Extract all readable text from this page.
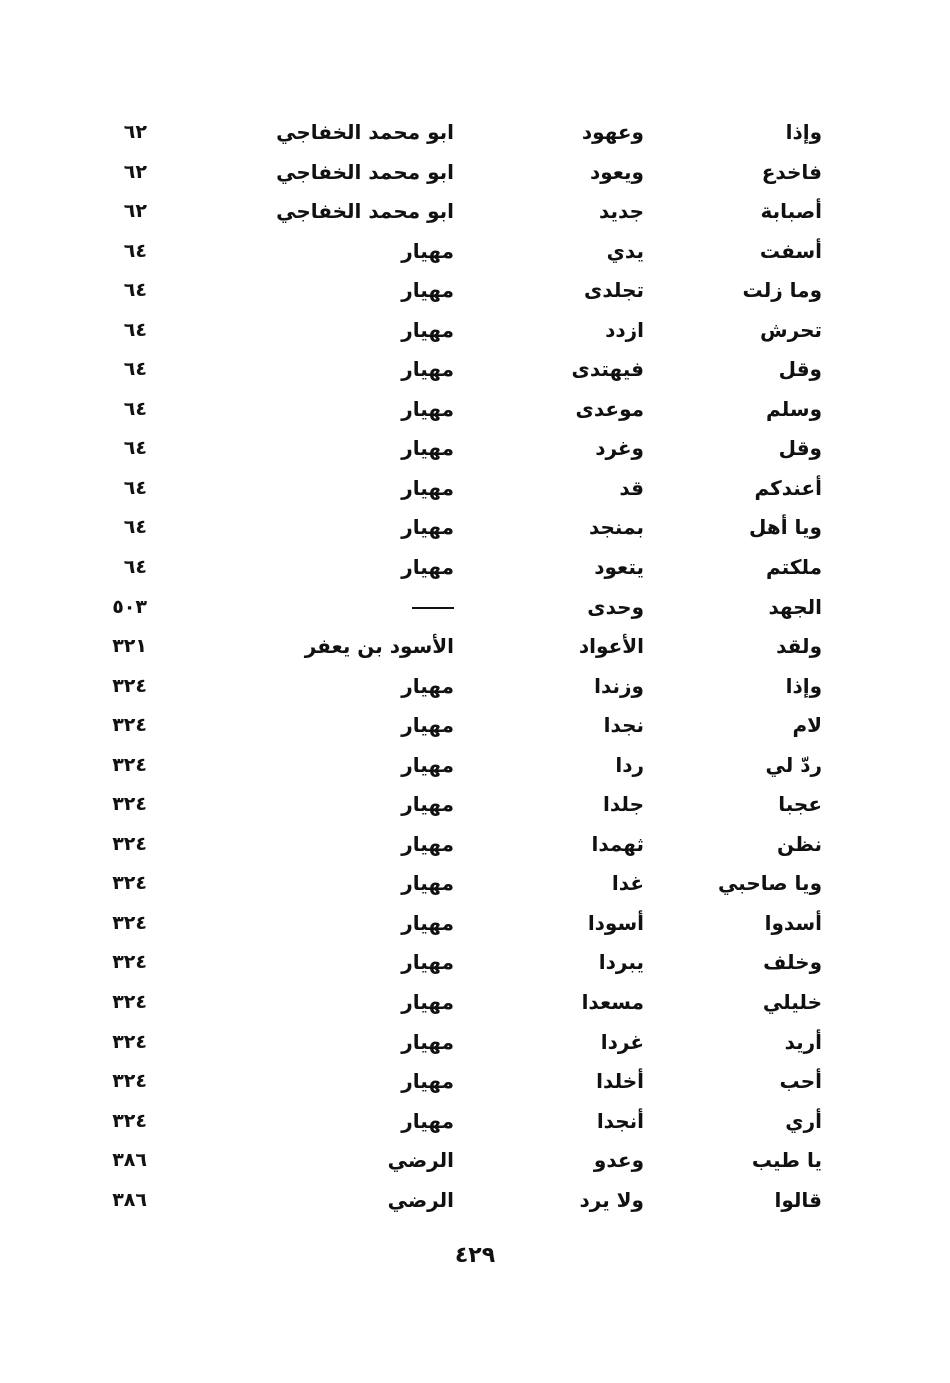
وإذا
وعهود
ابو محمد الخفاجي
٦٢
فاخدع
ويعود
ابو محمد الخفاجي
٦٢
أصبابة
جديد
ابو محمد الخفاجي
٦٢
أسفت
يدي
مهيار
٦٤
وما زلت
تجلدى
مهيار
٦٤
تحرش
ازدد
مهيار
٦٤
وقل
فيهتدى
مهيار
٦٤
وسلم
موعدى
مهيار
٦٤
وقل
وغرد
مهيار
٦٤
أعندكم
قد
مهيار
٦٤
ويا أهل
بمنجد
مهيار
٦٤
ملكتم
يتعود
مهيار
٦٤
الجهد
وحدى
٥٠٣
ولقد
الأعواد
الأسود بن يعفر
٣٢١
وإذا
وزندا
مهيار
٣٢٤
لام
نجدا
مهيار
٣٢٤
ردّ لي
ردا
مهيار
٣٢٤
عجبا
جلدا
مهيار
٣٢٤
نظن
ثهمدا
مهيار
٣٢٤
ويا صاحبي
غدا
مهيار
٣٢٤
أسدوا
أسودا
مهيار
٣٢٤
وخلف
يبردا
مهيار
٣٢٤
خليلي
مسعدا
مهيار
٣٢٤
أريد
غردا
مهيار
٣٢٤
أحب
أخلدا
مهيار
٣٢٤
أري
أنجدا
مهيار
٣٢٤
يا طيب
وعدو
الرضي
٣٨٦
قالوا
ولا يرد
الرضي
٣٨٦
٤٢٩
